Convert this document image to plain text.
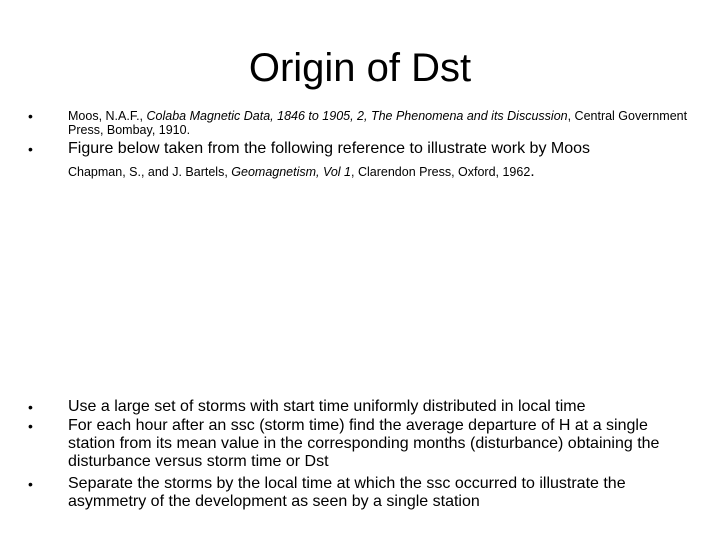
Origin of Dst
•	Moos, N.A.F., Colaba Magnetic Data, 1846 to 1905, 2, The Phenomena and its Discussion, Central Government Press, Bombay, 1910.
•	Figure below taken from the following reference to illustrate work by Moos
Chapman, S., and J. Bartels, Geomagnetism, Vol 1, Clarendon Press, Oxford, 1962.
•	Use a large set of storms with start time uniformly distributed in local time
•	For each hour after an ssc (storm time) find the average departure of H at a single station from its mean value in the corresponding months (disturbance) obtaining the disturbance versus storm time or Dst
•	Separate the storms by the local time at which the ssc occurred to illustrate the asymmetry of the development as seen by a single station
